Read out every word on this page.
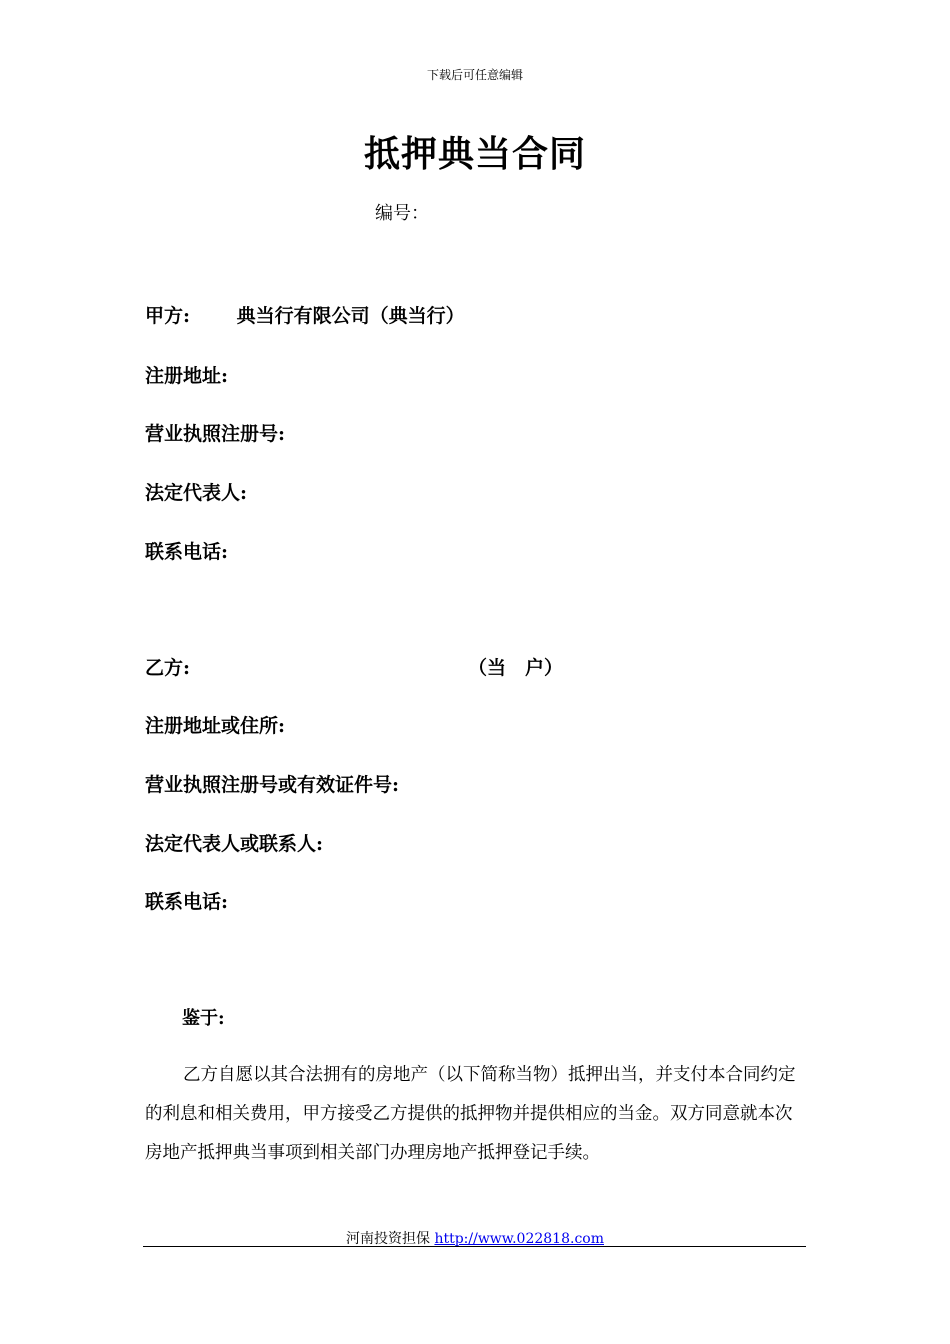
下载后可任意编辑
抵押典当合同
编号：
甲方: 典当行有限公司（典当行）
注册地址:
营业执照注册号:
法定代表人:
联系电话:
乙方:	（当　户）
注册地址或住所:
营业执照注册号或有效证件号:
法定代表人或联系人:
联系电话:
鉴于:

乙方自愿以其合法拥有的房地产（以下简称当物）抵押出当，并支付本合同约定的利息和相关费用，甲方接受乙方提供的抵押物并提供相应的当金。双方同意就本次房地产抵押典当事项到相关部门办理房地产抵押登记手续。

河南投资担保 http://www.022818.com
